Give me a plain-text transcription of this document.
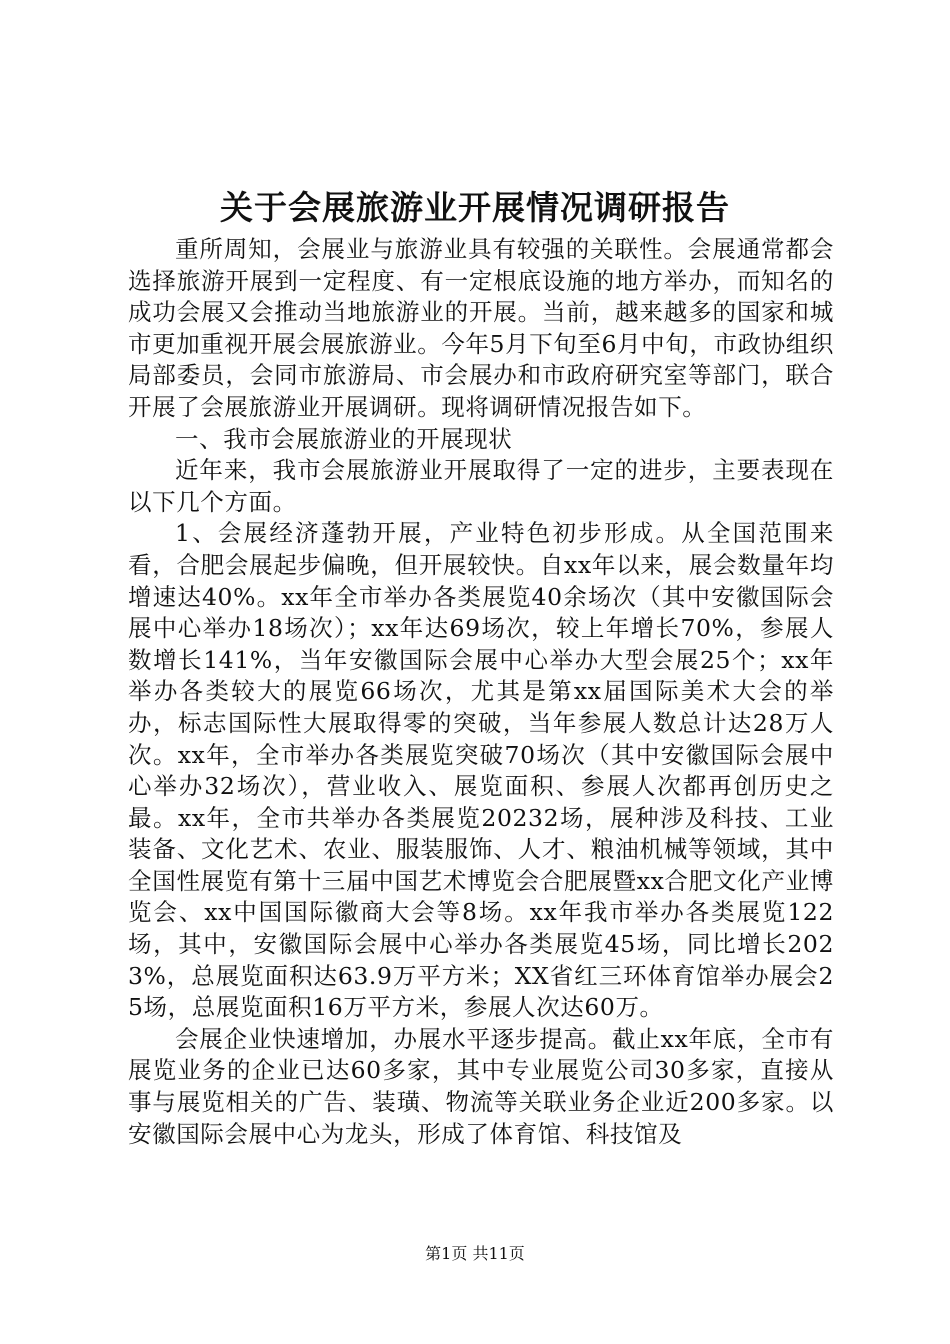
关于会展旅游业开展情况调研报告

重所周知，会展业与旅游业具有较强的关联性。会展通常都会选择旅游开展到一定程度、有一定根底设施的地方举办，而知名的成功会展又会推动当地旅游业的开展。当前，越来越多的国家和城市更加重视开展会展旅游业。今年5月下旬至6月中旬，市政协组织局部委员，会同市旅游局、市会展办和市政府研究室等部门，联合开展了会展旅游业开展调研。现将调研情况报告如下。

一、我市会展旅游业的开展现状

近年来，我市会展旅游业开展取得了一定的进步，主要表现在以下几个方面。

1、会展经济蓬勃开展，产业特色初步形成。从全国范围来看，合肥会展起步偏晚，但开展较快。自xx年以来，展会数量年均增速达40%。xx年全市举办各类展览40余场次（其中安徽国际会展中心举办18场次）；xx年达69场次，较上年增长70%，参展人数增长141%，当年安徽国际会展中心举办大型会展25个；xx年举办各类较大的展览66场次，尤其是第xx届国际美术大会的举办，标志国际性大展取得零的突破，当年参展人数总计达28万人次。xx年，全市举办各类展览突破70场次（其中安徽国际会展中心举办32场次），营业收入、展览面积、参展人次都再创历史之最。xx年，全市共举办各类展览20232场，展种涉及科技、工业装备、文化艺术、农业、服装服饰、人才、粮油机械等领域，其中全国性展览有第十三届中国艺术博览会合肥展暨xx合肥文化产业博览会、xx中国国际徽商大会等8场。xx年我市举办各类展览122场，其中，安徽国际会展中心举办各类展览45场，同比增长2023%，总展览面积达63.9万平方米；XX省红三环体育馆举办展会25场，总展览面积16万平方米，参展人次达60万。

会展企业快速增加，办展水平逐步提高。截止xx年底，全市有展览业务的企业已达60多家，其中专业展览公司30多家，直接从事与展览相关的广告、装璜、物流等关联业务企业近200多家。以安徽国际会展中心为龙头，形成了体育馆、科技馆及

第1页 共11页
